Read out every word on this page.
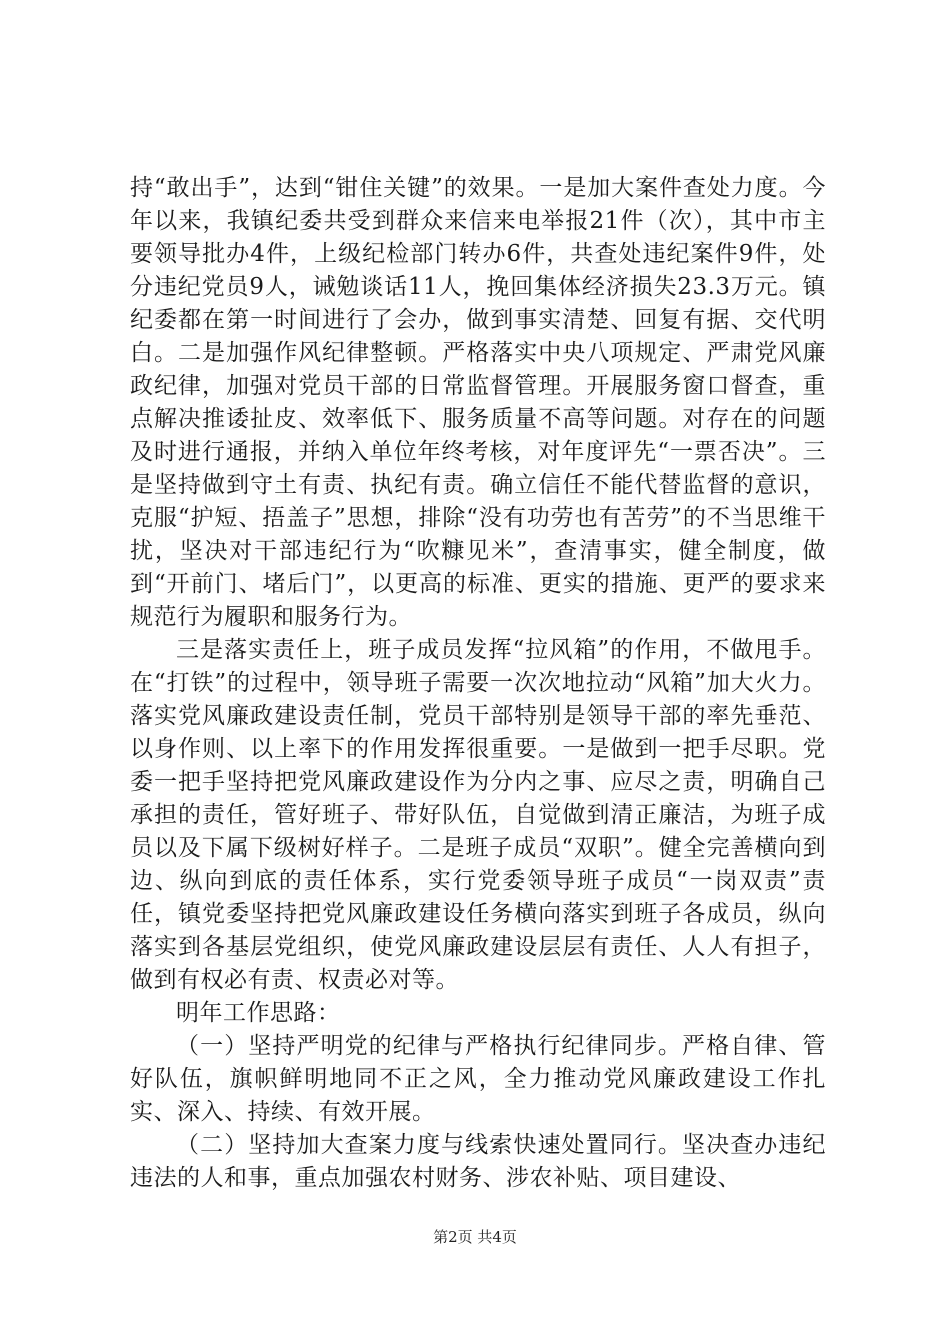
持“敢出手”，达到“钳住关键”的效果。一是加大案件查处力度。今年以来，我镇纪委共受到群众来信来电举报21件（次），其中市主要领导批办4件，上级纪检部门转办6件，共查处违纪案件9件，处分违纪党员9人，诫勉谈话11人，挽回集体经济损失23.3万元。镇纪委都在第一时间进行了会办，做到事实清楚、回复有据、交代明白。二是加强作风纪律整顿。严格落实中央八项规定、严肃党风廉政纪律，加强对党员干部的日常监督管理。开展服务窗口督查，重点解决推诿扯皮、效率低下、服务质量不高等问题。对存在的问题及时进行通报，并纳入单位年终考核，对年度评先“一票否决”。三是坚持做到守土有责、执纪有责。确立信任不能代替监督的意识，克服“护短、捂盖子”思想，排除“没有功劳也有苦劳”的不当思维干扰，坚决对干部违纪行为“吹糠见米”，查清事实，健全制度，做到“开前门、堵后门”，以更高的标准、更实的措施、更严的要求来规范行为履职和服务行为。

三是落实责任上，班子成员发挥“拉风箱”的作用，不做甩手。在“打铁”的过程中，领导班子需要一次次地拉动“风箱”加大火力。落实党风廉政建设责任制，党员干部特别是领导干部的率先垂范、以身作则、以上率下的作用发挥很重要。一是做到一把手尽职。党委一把手坚持把党风廉政建设作为分内之事、应尽之责，明确自己承担的责任，管好班子、带好队伍，自觉做到清正廉洁，为班子成员以及下属下级树好样子。二是班子成员“双职”。健全完善横向到边、纵向到底的责任体系，实行党委领导班子成员“一岗双责”责任，镇党委坚持把党风廉政建设任务横向落实到班子各成员，纵向落实到各基层党组织，使党风廉政建设层层有责任、人人有担子，做到有权必有责、权责必对等。

明年工作思路：

（一）坚持严明党的纪律与严格执行纪律同步。严格自律、管好队伍，旗帜鲜明地同不正之风，全力推动党风廉政建设工作扎实、深入、持续、有效开展。

（二）坚持加大查案力度与线索快速处置同行。坚决查办违纪违法的人和事，重点加强农村财务、涉农补贴、项目建设、

第2页 共4页
